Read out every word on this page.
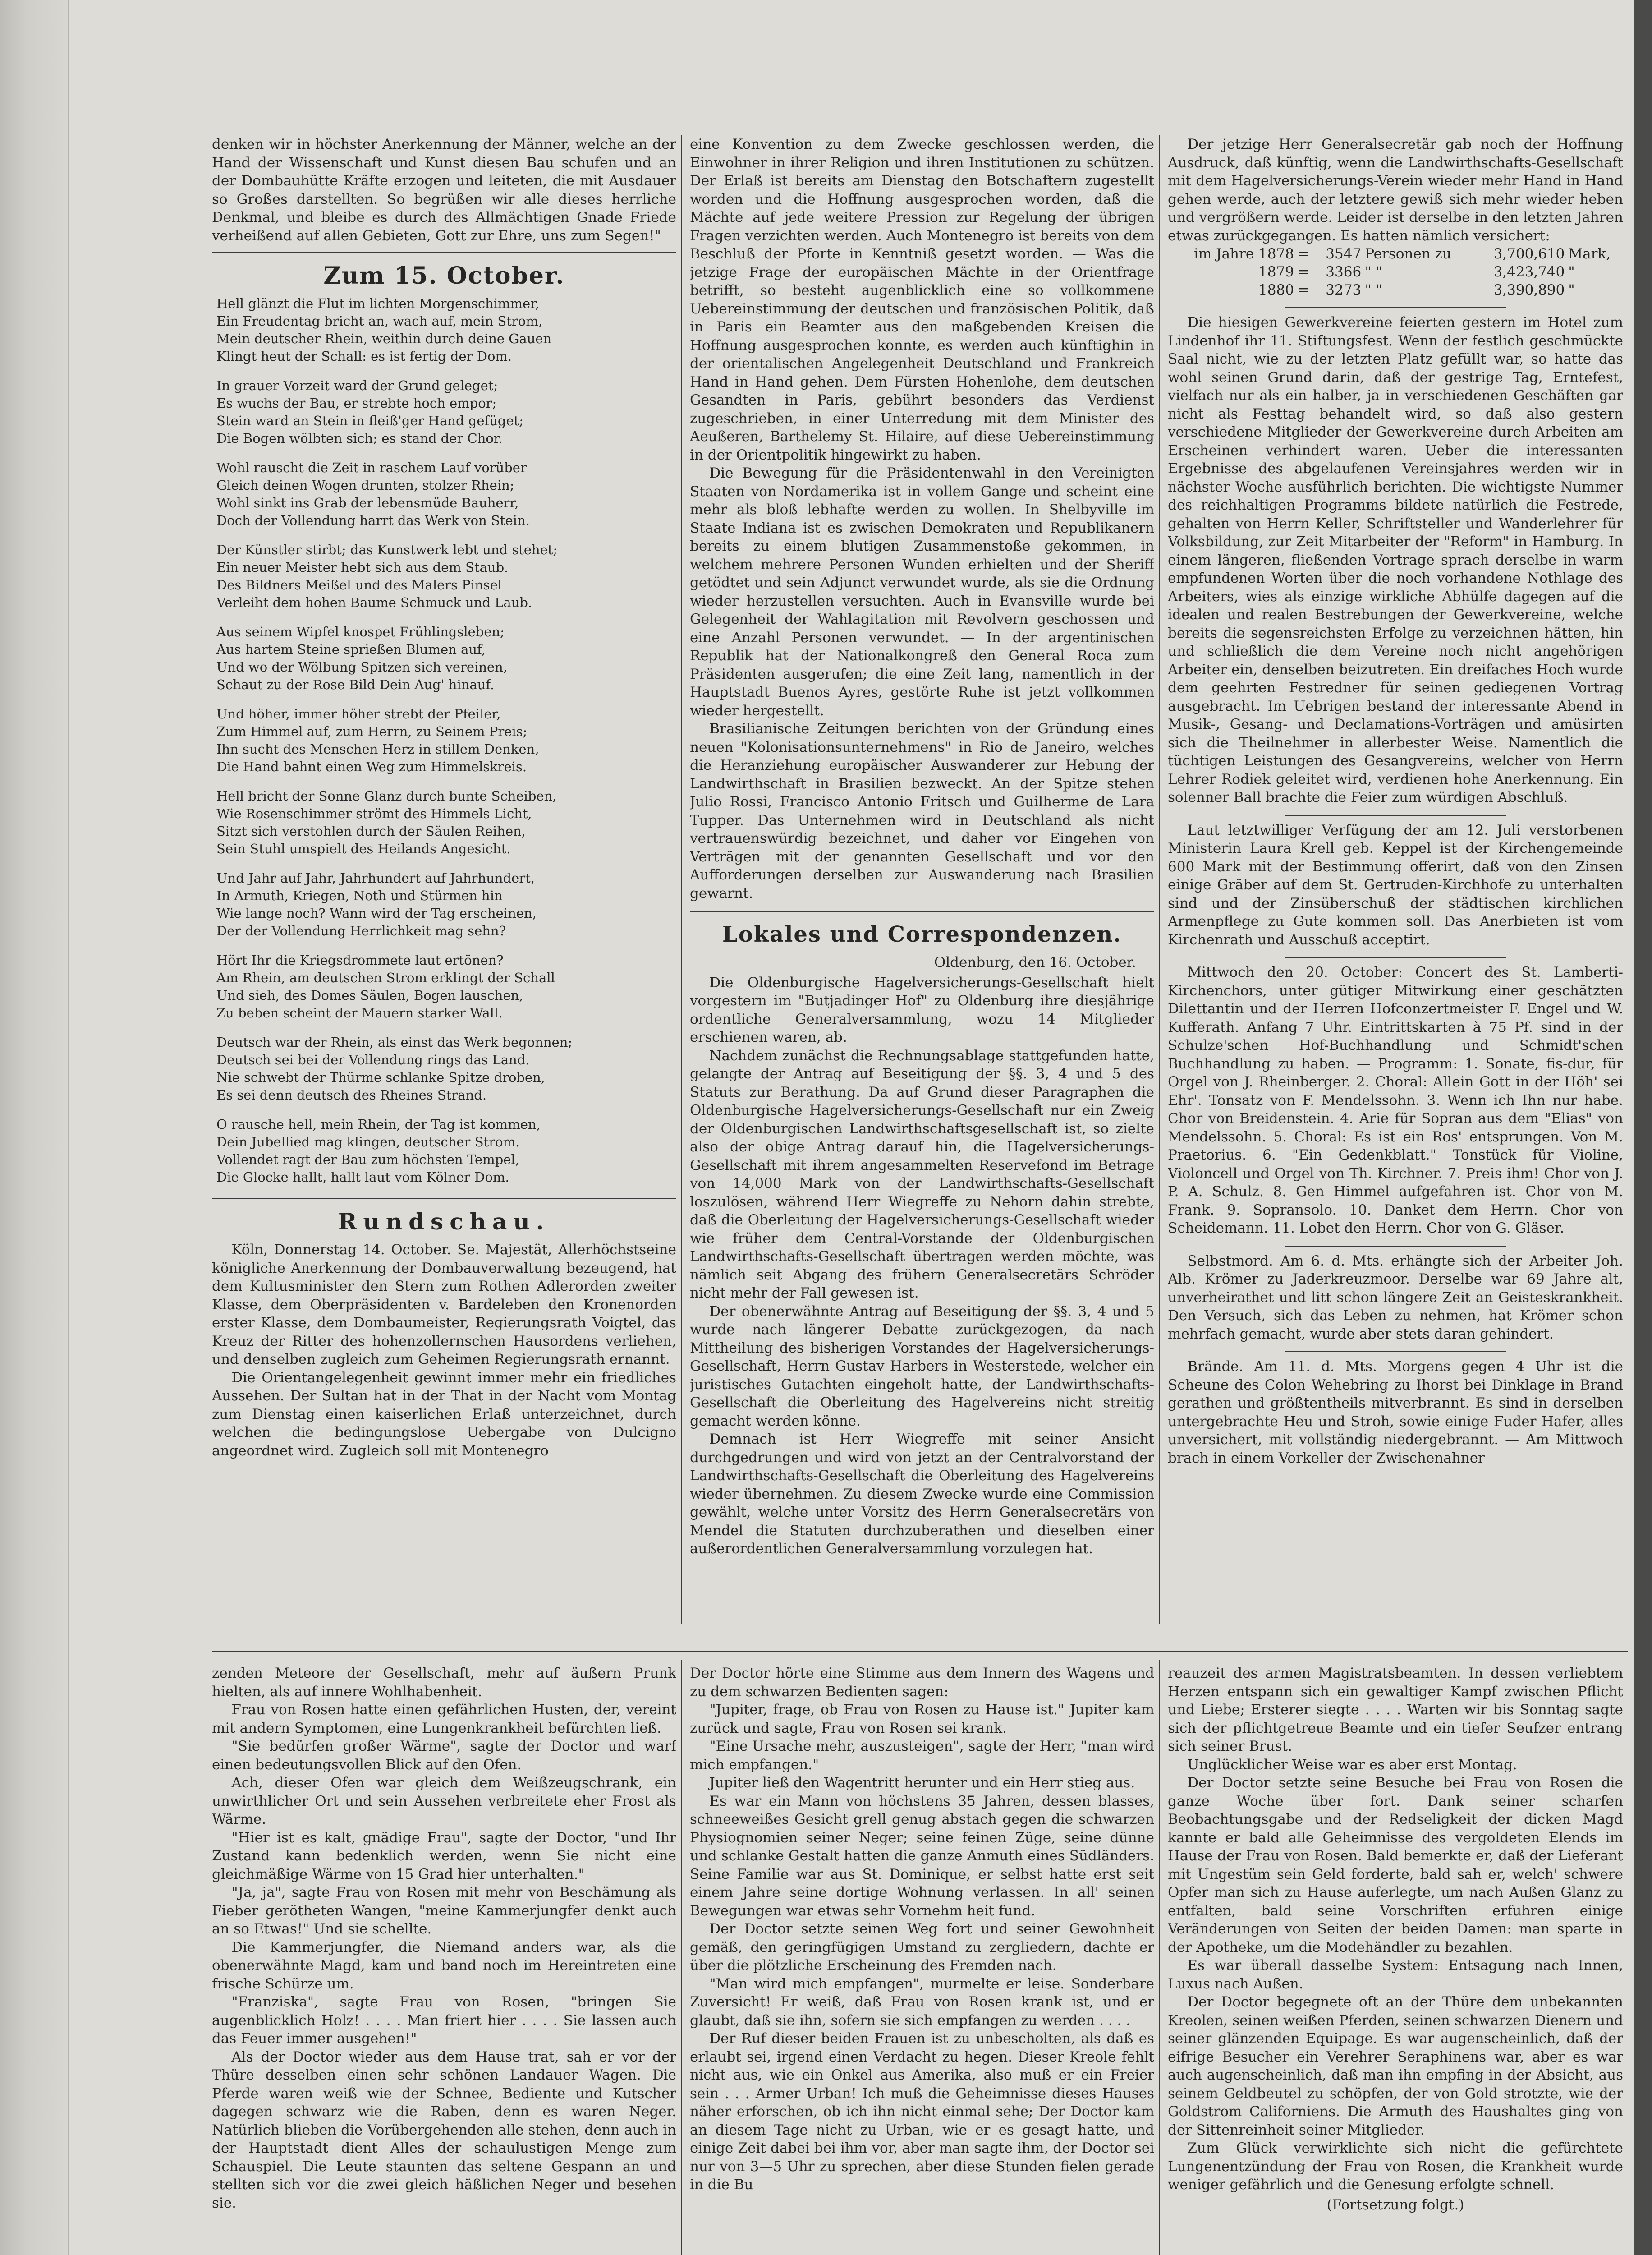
denken wir in höchster Anerkennung der Männer, welche an der Hand der Wissenschaft und Kunst diesen Bau schufen und an der Dombauhütte Kräfte erzogen und leiteten, die mit Ausdauer so Großes darstellten. So begrüßen wir alle dieses herrliche Denkmal, und bleibe es durch des Allmächtigen Gnade Friede verheißend auf allen Gebieten, Gott zur Ehre, uns zum Segen!"

Zum 15. October.
Hell glänzt die Flut im lichten Morgenschimmer,
Ein Freudentag bricht an, wach auf, mein Strom,
Mein deutscher Rhein, weithin durch deine Gauen
Klingt heut der Schall: es ist fertig der Dom.
In grauer Vorzeit ward der Grund geleget;
Es wuchs der Bau, er strebte hoch empor;
Stein ward an Stein in fleiß'ger Hand gefüget;
Die Bogen wölbten sich; es stand der Chor.
Wohl rauscht die Zeit in raschem Lauf vorüber
Gleich deinen Wogen drunten, stolzer Rhein;
Wohl sinkt ins Grab der lebensmüde Bauherr,
Doch der Vollendung harrt das Werk von Stein.
Der Künstler stirbt; das Kunstwerk lebt und stehet;
Ein neuer Meister hebt sich aus dem Staub.
Des Bildners Meißel und des Malers Pinsel
Verleiht dem hohen Baume Schmuck und Laub.
Aus seinem Wipfel knospet Frühlingsleben;
Aus hartem Steine sprießen Blumen auf,
Und wo der Wölbung Spitzen sich vereinen,
Schaut zu der Rose Bild Dein Aug' hinauf.
Und höher, immer höher strebt der Pfeiler,
Zum Himmel auf, zum Herrn, zu Seinem Preis;
Ihn sucht des Menschen Herz in stillem Denken,
Die Hand bahnt einen Weg zum Himmelskreis.
Hell bricht der Sonne Glanz durch bunte Scheiben,
Wie Rosenschimmer strömt des Himmels Licht,
Sitzt sich verstohlen durch der Säulen Reihen,
Sein Stuhl umspielt des Heilands Angesicht.
Und Jahr auf Jahr, Jahrhundert auf Jahrhundert,
In Armuth, Kriegen, Noth und Stürmen hin
Wie lange noch? Wann wird der Tag erscheinen,
Der der Vollendung Herrlichkeit mag sehn?
Hört Ihr die Kriegsdrommete laut ertönen?
Am Rhein, am deutschen Strom erklingt der Schall
Und sieh, des Domes Säulen, Bogen lauschen,
Zu beben scheint der Mauern starker Wall.
Deutsch war der Rhein, als einst das Werk begonnen;
Deutsch sei bei der Vollendung rings das Land.
Nie schwebt der Thürme schlanke Spitze droben,
Es sei denn deutsch des Rheines Strand.
O rausche hell, mein Rhein, der Tag ist kommen,
Dein Jubellied mag klingen, deutscher Strom.
Vollendet ragt der Bau zum höchsten Tempel,
Die Glocke hallt, hallt laut vom Kölner Dom.
Rundschau.

Köln, Donnerstag 14. October. Se. Majestät, Allerhöchstseine königliche Anerkennung der Dombauverwaltung bezeugend, hat dem Kultusminister den Stern zum Rothen Adlerorden zweiter Klasse, dem Oberpräsidenten v. Bardeleben den Kronenorden erster Klasse, dem Dombaumeister, Regierungsrath Voigtel, das Kreuz der Ritter des hohenzollernschen Hausordens verliehen, und denselben zugleich zum Geheimen Regierungsrath ernannt.

Die Orientangelegenheit gewinnt immer mehr ein friedliches Aussehen. Der Sultan hat in der That in der Nacht vom Montag zum Dienstag einen kaiserlichen Erlaß unterzeichnet, durch welchen die bedingungslose Uebergabe von Dulcigno angeordnet wird. Zugleich soll mit Montenegro

eine Konvention zu dem Zwecke geschlossen werden, die Einwohner in ihrer Religion und ihren Institutionen zu schützen. Der Erlaß ist bereits am Dienstag den Botschaftern zugestellt worden und die Hoffnung ausgesprochen worden, daß die Mächte auf jede weitere Pression zur Regelung der übrigen Fragen verzichten werden. Auch Montenegro ist bereits von dem Beschluß der Pforte in Kenntniß gesetzt worden. — Was die jetzige Frage der europäischen Mächte in der Orientfrage betrifft, so besteht augenblicklich eine so vollkommene Uebereinstimmung der deutschen und französischen Politik, daß in Paris ein Beamter aus den maßgebenden Kreisen die Hoffnung ausgesprochen konnte, es werden auch künftighin in der orientalischen Angelegenheit Deutschland und Frankreich Hand in Hand gehen. Dem Fürsten Hohenlohe, dem deutschen Gesandten in Paris, gebührt besonders das Verdienst zugeschrieben, in einer Unterredung mit dem Minister des Aeußeren, Barthelemy St. Hilaire, auf diese Uebereinstimmung in der Orientpolitik hingewirkt zu haben.

Die Bewegung für die Präsidentenwahl in den Vereinigten Staaten von Nordamerika ist in vollem Gange und scheint eine mehr als bloß lebhafte werden zu wollen. In Shelbyville im Staate Indiana ist es zwischen Demokraten und Republikanern bereits zu einem blutigen Zusammenstoße gekommen, in welchem mehrere Personen Wunden erhielten und der Sheriff getödtet und sein Adjunct verwundet wurde, als sie die Ordnung wieder herzustellen versuchten. Auch in Evansville wurde bei Gelegenheit der Wahlagitation mit Revolvern geschossen und eine Anzahl Personen verwundet. — In der argentinischen Republik hat der Nationalkongreß den General Roca zum Präsidenten ausgerufen; die eine Zeit lang, namentlich in der Hauptstadt Buenos Ayres, gestörte Ruhe ist jetzt vollkommen wieder hergestellt.

Brasilianische Zeitungen berichten von der Gründung eines neuen "Kolonisationsunternehmens" in Rio de Janeiro, welches die Heranziehung europäischer Auswanderer zur Hebung der Landwirthschaft in Brasilien bezweckt. An der Spitze stehen Julio Rossi, Francisco Antonio Fritsch und Guilherme de Lara Tupper. Das Unternehmen wird in Deutschland als nicht vertrauenswürdig bezeichnet, und daher vor Eingehen von Verträgen mit der genannten Gesellschaft und vor den Aufforderungen derselben zur Auswanderung nach Brasilien gewarnt.

Lokales und Correspondenzen.
Oldenburg, den 16. October.

Die Oldenburgische Hagelversicherungs-Gesellschaft hielt vorgestern im "Butjadinger Hof" zu Oldenburg ihre diesjährige ordentliche Generalversammlung, wozu 14 Mitglieder erschienen waren, ab.

Nachdem zunächst die Rechnungsablage stattgefunden hatte, gelangte der Antrag auf Beseitigung der §§. 3, 4 und 5 des Statuts zur Berathung. Da auf Grund dieser Paragraphen die Oldenburgische Hagelversicherungs-Gesellschaft nur ein Zweig der Oldenburgischen Landwirthschaftsgesellschaft ist, so zielte also der obige Antrag darauf hin, die Hagelversicherungs-Gesellschaft mit ihrem angesammelten Reservefond im Betrage von 14,000 Mark von der Landwirthschafts-Gesellschaft loszulösen, während Herr Wiegreffe zu Nehorn dahin strebte, daß die Oberleitung der Hagelversicherungs-Gesellschaft wieder wie früher dem Central-Vorstande der Oldenburgischen Landwirthschafts-Gesellschaft übertragen werden möchte, was nämlich seit Abgang des frühern Generalsecretärs Schröder nicht mehr der Fall gewesen ist.

Der obenerwähnte Antrag auf Beseitigung der §§. 3, 4 und 5 wurde nach längerer Debatte zurückgezogen, da nach Mittheilung des bisherigen Vorstandes der Hagelversicherungs-Gesellschaft, Herrn Gustav Harbers in Westerstede, welcher ein juristisches Gutachten eingeholt hatte, der Landwirthschafts-Gesellschaft die Oberleitung des Hagelvereins nicht streitig gemacht werden könne.

Demnach ist Herr Wiegreffe mit seiner Ansicht durchgedrungen und wird von jetzt an der Centralvorstand der Landwirthschafts-Gesellschaft die Oberleitung des Hagelvereins wieder übernehmen. Zu diesem Zwecke wurde eine Commission gewählt, welche unter Vorsitz des Herrn Generalsecretärs von Mendel die Statuten durchzuberathen und dieselben einer außerordentlichen Generalversammlung vorzulegen hat.

Der jetzige Herr Generalsecretär gab noch der Hoffnung Ausdruck, daß künftig, wenn die Landwirthschafts-Gesellschaft mit dem Hagelversicherungs-Verein wieder mehr Hand in Hand gehen werde, auch der letztere gewiß sich mehr wieder heben und vergrößern werde. Leider ist derselbe in den letzten Jahren etwas zurückgegangen. Es hatten nämlich versichert:

im Jahre 1878	=	3547	Personen zu	3,700,610	Mark,
1879	=	3366	" "	3,423,740	"
1880	=	3273	" "	3,390,890	"

Die hiesigen Gewerkvereine feierten gestern im Hotel zum Lindenhof ihr 11. Stiftungsfest. Wenn der festlich geschmückte Saal nicht, wie zu der letzten Platz gefüllt war, so hatte das wohl seinen Grund darin, daß der gestrige Tag, Erntefest, vielfach nur als ein halber, ja in verschiedenen Geschäften gar nicht als Festtag behandelt wird, so daß also gestern verschiedene Mitglieder der Gewerkvereine durch Arbeiten am Erscheinen verhindert waren. Ueber die interessanten Ergebnisse des abgelaufenen Vereinsjahres werden wir in nächster Woche ausführlich berichten. Die wichtigste Nummer des reichhaltigen Programms bildete natürlich die Festrede, gehalten von Herrn Keller, Schriftsteller und Wanderlehrer für Volksbildung, zur Zeit Mitarbeiter der "Reform" in Hamburg. In einem längeren, fließenden Vortrage sprach derselbe in warm empfundenen Worten über die noch vorhandene Nothlage des Arbeiters, wies als einzige wirkliche Abhülfe dagegen auf die idealen und realen Bestrebungen der Gewerkvereine, welche bereits die segensreichsten Erfolge zu verzeichnen hätten, hin und schließlich die dem Vereine noch nicht angehörigen Arbeiter ein, denselben beizutreten. Ein dreifaches Hoch wurde dem geehrten Festredner für seinen gediegenen Vortrag ausgebracht. Im Uebrigen bestand der interessante Abend in Musik-, Gesang- und Declamations-Vorträgen und amüsirten sich die Theilnehmer in allerbester Weise. Namentlich die tüchtigen Leistungen des Gesangvereins, welcher von Herrn Lehrer Rodiek geleitet wird, verdienen hohe Anerkennung. Ein solenner Ball brachte die Feier zum würdigen Abschluß.

Laut letztwilliger Verfügung der am 12. Juli verstorbenen Ministerin Laura Krell geb. Keppel ist der Kirchengemeinde 600 Mark mit der Bestimmung offerirt, daß von den Zinsen einige Gräber auf dem St. Gertruden-Kirchhofe zu unterhalten sind und der Zinsüberschuß der städtischen kirchlichen Armenpflege zu Gute kommen soll. Das Anerbieten ist vom Kirchenrath und Ausschuß acceptirt.

Mittwoch den 20. October: Concert des St. Lamberti-Kirchenchors, unter gütiger Mitwirkung einer geschätzten Dilettantin und der Herren Hofconzertmeister F. Engel und W. Kufferath. Anfang 7 Uhr. Eintrittskarten à 75 Pf. sind in der Schulze'schen Hof-Buchhandlung und Schmidt'schen Buchhandlung zu haben. — Programm: 1. Sonate, fis-dur, für Orgel von J. Rheinberger. 2. Choral: Allein Gott in der Höh' sei Ehr'. Tonsatz von F. Mendelssohn. 3. Wenn ich Ihn nur habe. Chor von Breidenstein. 4. Arie für Sopran aus dem "Elias" von Mendelssohn. 5. Choral: Es ist ein Ros' entsprungen. Von M. Praetorius. 6. "Ein Gedenkblatt." Tonstück für Violine, Violoncell und Orgel von Th. Kirchner. 7. Preis ihm! Chor von J. P. A. Schulz. 8. Gen Himmel aufgefahren ist. Chor von M. Frank. 9. Sopransolo. 10. Danket dem Herrn. Chor von Scheidemann. 11. Lobet den Herrn. Chor von G. Gläser.

Selbstmord. Am 6. d. Mts. erhängte sich der Arbeiter Joh. Alb. Krömer zu Jaderkreuzmoor. Derselbe war 69 Jahre alt, unverheirathet und litt schon längere Zeit an Geisteskrankheit. Den Versuch, sich das Leben zu nehmen, hat Krömer schon mehrfach gemacht, wurde aber stets daran gehindert.

Brände. Am 11. d. Mts. Morgens gegen 4 Uhr ist die Scheune des Colon Wehebring zu Ihorst bei Dinklage in Brand gerathen und größtentheils mitverbrannt. Es sind in derselben untergebrachte Heu und Stroh, sowie einige Fuder Hafer, alles unversichert, mit vollständig niedergebrannt. — Am Mittwoch brach in einem Vorkeller der Zwischenahner

zenden Meteore der Gesellschaft, mehr auf äußern Prunk hielten, als auf innere Wohlhabenheit.

Frau von Rosen hatte einen gefährlichen Husten, der, vereint mit andern Symptomen, eine Lungenkrankheit befürchten ließ.

"Sie bedürfen großer Wärme", sagte der Doctor und warf einen bedeutungsvollen Blick auf den Ofen.

Ach, dieser Ofen war gleich dem Weißzeugschrank, ein unwirthlicher Ort und sein Aussehen verbreitete eher Frost als Wärme.

"Hier ist es kalt, gnädige Frau", sagte der Doctor, "und Ihr Zustand kann bedenklich werden, wenn Sie nicht eine gleichmäßige Wärme von 15 Grad hier unterhalten."

"Ja, ja", sagte Frau von Rosen mit mehr von Beschämung als Fieber gerötheten Wangen, "meine Kammerjungfer denkt auch an so Etwas!" Und sie schellte.

Die Kammerjungfer, die Niemand anders war, als die obenerwähnte Magd, kam und band noch im Hereintreten eine frische Schürze um.

"Franziska", sagte Frau von Rosen, "bringen Sie augenblicklich Holz! . . . . Man friert hier . . . . Sie lassen auch das Feuer immer ausgehen!"

Als der Doctor wieder aus dem Hause trat, sah er vor der Thüre desselben einen sehr schönen Landauer Wagen. Die Pferde waren weiß wie der Schnee, Bediente und Kutscher dagegen schwarz wie die Raben, denn es waren Neger. Natürlich blieben die Vorübergehenden alle stehen, denn auch in der Hauptstadt dient Alles der schaulustigen Menge zum Schauspiel. Die Leute staunten das seltene Gespann an und stellten sich vor die zwei gleich häßlichen Neger und besehen sie.

Der Doctor hörte eine Stimme aus dem Innern des Wagens und zu dem schwarzen Bedienten sagen:

"Jupiter, frage, ob Frau von Rosen zu Hause ist." Jupiter kam zurück und sagte, Frau von Rosen sei krank.

"Eine Ursache mehr, auszusteigen", sagte der Herr, "man wird mich empfangen."

Jupiter ließ den Wagentritt herunter und ein Herr stieg aus.

Es war ein Mann von höchstens 35 Jahren, dessen blasses, schneeweißes Gesicht grell genug abstach gegen die schwarzen Physiognomien seiner Neger; seine feinen Züge, seine dünne und schlanke Gestalt hatten die ganze Anmuth eines Südländers. Seine Familie war aus St. Dominique, er selbst hatte erst seit einem Jahre seine dortige Wohnung verlassen. In all' seinen Bewegungen war etwas sehr Vornehm heit fund.

Der Doctor setzte seinen Weg fort und seiner Gewohnheit gemäß, den geringfügigen Umstand zu zergliedern, dachte er über die plötzliche Erscheinung des Fremden nach.

"Man wird mich empfangen", murmelte er leise. Sonderbare Zuversicht! Er weiß, daß Frau von Rosen krank ist, und er glaubt, daß sie ihn, sofern sie sich empfangen zu werden . . . .

Der Ruf dieser beiden Frauen ist zu unbescholten, als daß es erlaubt sei, irgend einen Verdacht zu hegen. Dieser Kreole fehlt nicht aus, wie ein Onkel aus Amerika, also muß er ein Freier sein . . . Armer Urban! Ich muß die Geheimnisse dieses Hauses näher erforschen, ob ich ihn nicht einmal sehe; Der Doctor kam an diesem Tage nicht zu Urban, wie er es gesagt hatte, und einige Zeit dabei bei ihm vor, aber man sagte ihm, der Doctor sei nur von 3—5 Uhr zu sprechen, aber diese Stunden fielen gerade in die Bu

reauzeit des armen Magistratsbeamten. In dessen verliebtem Herzen entspann sich ein gewaltiger Kampf zwischen Pflicht und Liebe; Ersterer siegte . . . . Warten wir bis Sonntag sagte sich der pflichtgetreue Beamte und ein tiefer Seufzer entrang sich seiner Brust.

Unglücklicher Weise war es aber erst Montag.

Der Doctor setzte seine Besuche bei Frau von Rosen die ganze Woche über fort. Dank seiner scharfen Beobachtungsgabe und der Redseligkeit der dicken Magd kannte er bald alle Geheimnisse des vergoldeten Elends im Hause der Frau von Rosen. Bald bemerkte er, daß der Lieferant mit Ungestüm sein Geld forderte, bald sah er, welch' schwere Opfer man sich zu Hause auferlegte, um nach Außen Glanz zu entfalten, bald seine Vorschriften erfuhren einige Veränderungen von Seiten der beiden Damen: man sparte in der Apotheke, um die Modehändler zu bezahlen.

Es war überall dasselbe System: Entsagung nach Innen, Luxus nach Außen.

Der Doctor begegnete oft an der Thüre dem unbekannten Kreolen, seinen weißen Pferden, seinen schwarzen Dienern und seiner glänzenden Equipage. Es war augenscheinlich, daß der eifrige Besucher ein Verehrer Seraphinens war, aber es war auch augenscheinlich, daß man ihn empfing in der Absicht, aus seinem Geldbeutel zu schöpfen, der von Gold strotzte, wie der Goldstrom Californiens. Die Armuth des Haushaltes ging von der Sittenreinheit seiner Mitglieder.

Zum Glück verwirklichte sich nicht die gefürchtete Lungenentzündung der Frau von Rosen, die Krankheit wurde weniger gefährlich und die Genesung erfolgte schnell.

(Fortsetzung folgt.)
